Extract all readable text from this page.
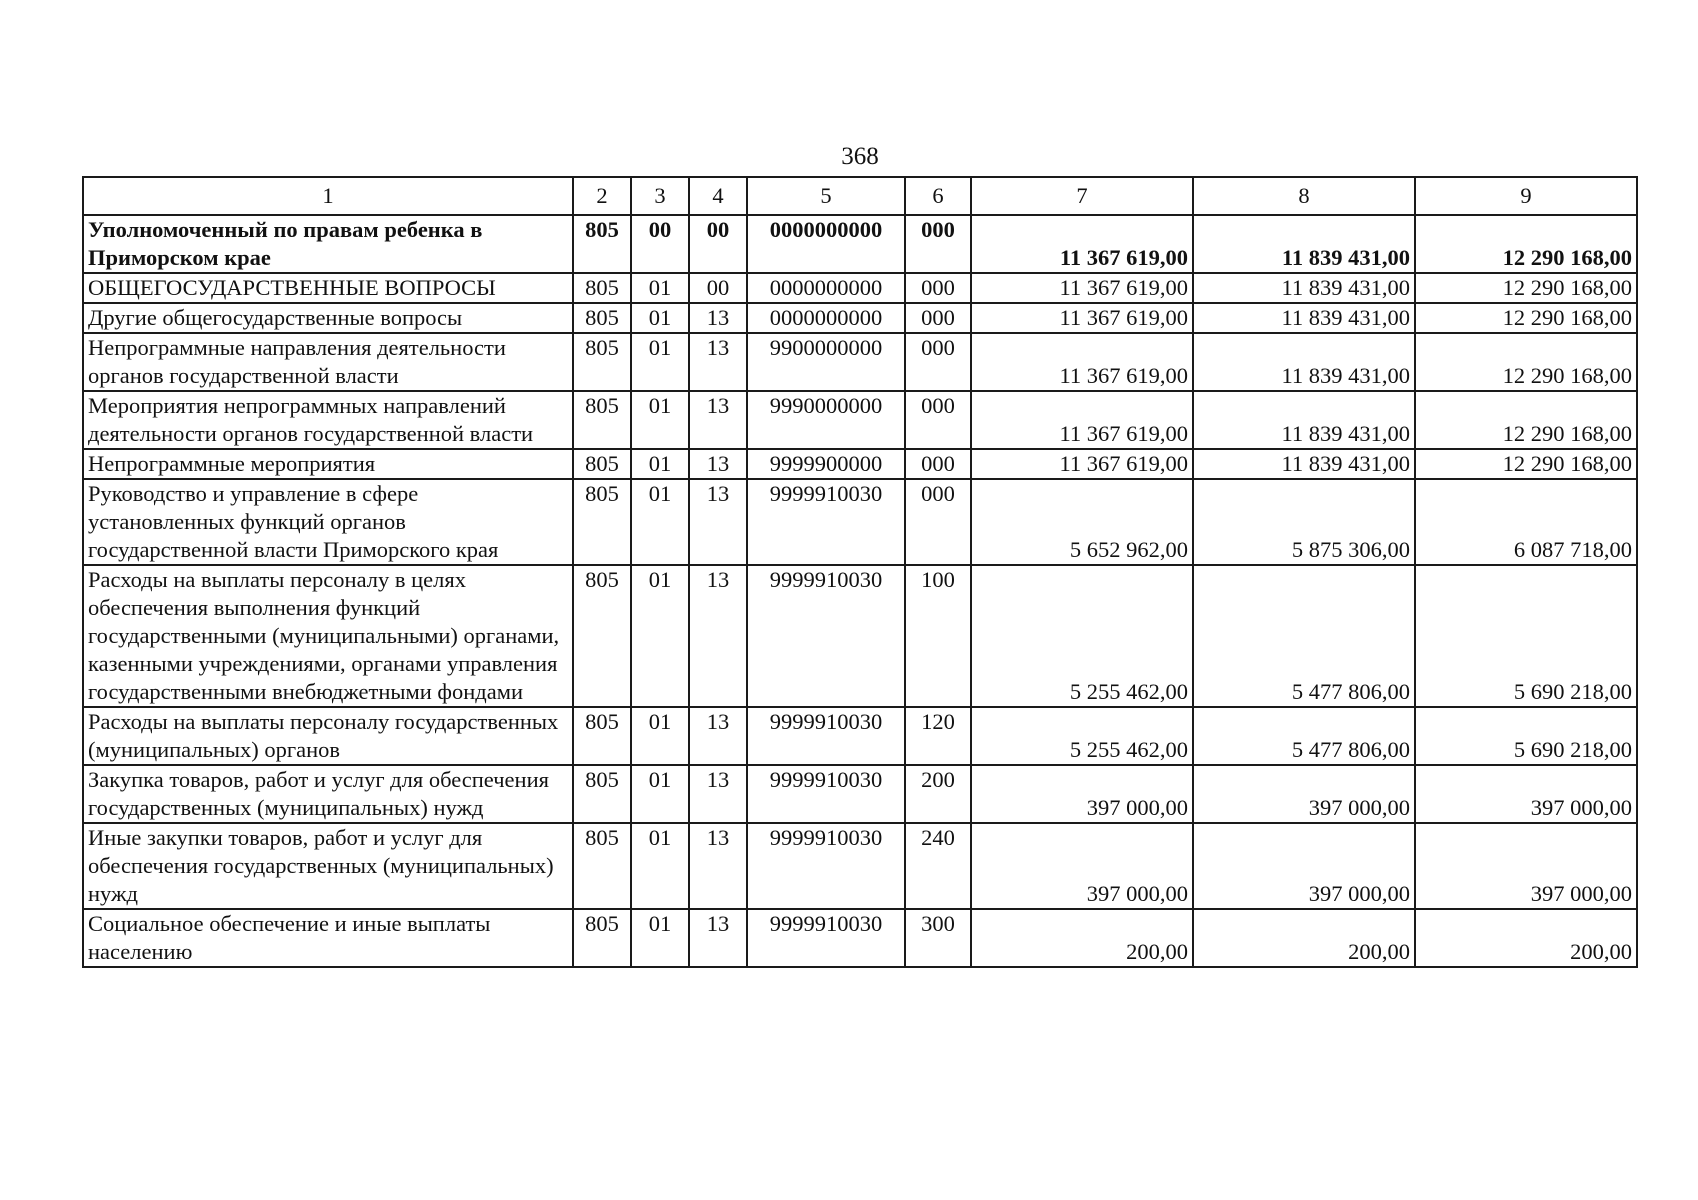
368
1	2	3	4	5	6	7	8	9
Уполномоченный по правам ребенка в Приморском крае	805	00	00	0000000000	000	11 367 619,00	11 839 431,00	12 290 168,00
ОБЩЕГОСУДАРСТВЕННЫЕ ВОПРОСЫ	805	01	00	0000000000	000	11 367 619,00	11 839 431,00	12 290 168,00
Другие общегосударственные вопросы	805	01	13	0000000000	000	11 367 619,00	11 839 431,00	12 290 168,00
Непрограммные направления деятельности органов государственной власти	805	01	13	9900000000	000	11 367 619,00	11 839 431,00	12 290 168,00
Мероприятия непрограммных направлений деятельности органов государственной власти	805	01	13	9990000000	000	11 367 619,00	11 839 431,00	12 290 168,00
Непрограммные мероприятия	805	01	13	9999900000	000	11 367 619,00	11 839 431,00	12 290 168,00
Руководство и управление в сфере установленных функций органов государственной власти Приморского края	805	01	13	9999910030	000	5 652 962,00	5 875 306,00	6 087 718,00
Расходы на выплаты персоналу в целях обеспечения выполнения функций государственными (муниципальными) органами, казенными учреждениями, органами управления государственными внебюджетными фондами	805	01	13	9999910030	100	5 255 462,00	5 477 806,00	5 690 218,00
Расходы на выплаты персоналу государственных (муниципальных) органов	805	01	13	9999910030	120	5 255 462,00	5 477 806,00	5 690 218,00
Закупка товаров, работ и услуг для обеспечения государственных (муниципальных) нужд	805	01	13	9999910030	200	397 000,00	397 000,00	397 000,00
Иные закупки товаров, работ и услуг для обеспечения государственных (муниципальных) нужд	805	01	13	9999910030	240	397 000,00	397 000,00	397 000,00
Социальное обеспечение и иные выплаты населению	805	01	13	9999910030	300	200,00	200,00	200,00
